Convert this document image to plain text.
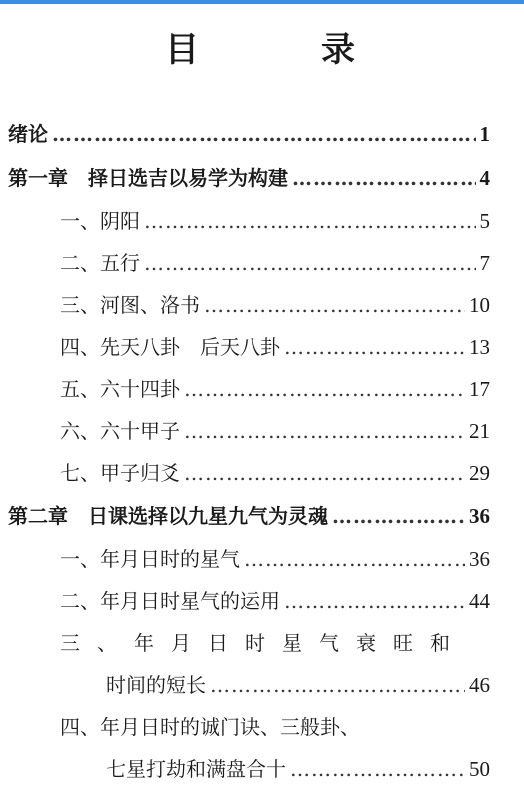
目　录
绪论 ………………………………………………………………………………………………………………	1
第一章　择日选吉以易学为构建 ………………………………………………………………………………………………………………	4
一、阴阳 ………………………………………………………………………………………………………………	5
二、五行 ………………………………………………………………………………………………………………	7
三、河图、洛书 ………………………………………………………………………………………………………………	10
四、先天八卦　后天八卦 ………………………………………………………………………………………………………………	13
五、六十四卦 ………………………………………………………………………………………………………………	17
六、六十甲子 ………………………………………………………………………………………………………………	21
七、甲子归爻 ………………………………………………………………………………………………………………	29
第二章　日课选择以九星九气为灵魂 ………………………………………………………………………………………………………………	36
一、年月日时的星气 ………………………………………………………………………………………………………………	36
二、年月日时星气的运用 ………………………………………………………………………………………………………………	44
三、年月日时星气衰旺和
时间的短长 ………………………………………………………………………………………………………………	46
四、年月日时的诚门诀、三般卦、
七星打劫和满盘合十 ………………………………………………………………………………………………………………	50
